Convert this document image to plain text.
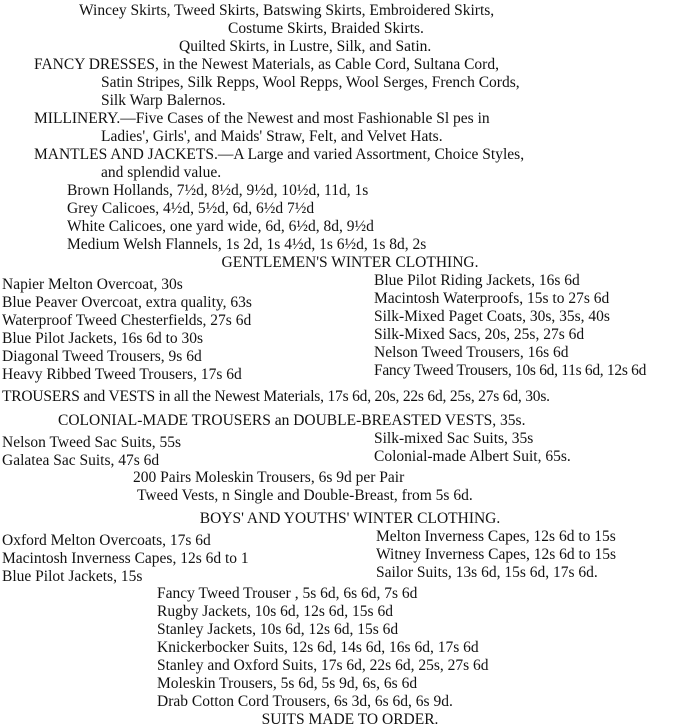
Wincey Skirts, Tweed Skirts, Batswing Skirts, Embroidered Skirts,
Costume Skirts, Braided Skirts.
Quilted Skirts, in Lustre, Silk, and Satin.
FANCY DRESSES, in the Newest Materials, as Cable Cord, Sultana Cord,
Satin Stripes, Silk Repps, Wool Repps, Wool Serges, French Cords,
Silk Warp Balernos.
MILLINERY.—Five Cases of the Newest and most Fashionable Sl pes in
Ladies', Girls', and Maids' Straw, Felt, and Velvet Hats.
MANTLES AND JACKETS.—A Large and varied Assortment, Choice Styles,
and splendid value.
Brown Hollands, 7½d, 8½d, 9½d, 10½d, 11d, 1s
Grey Calicoes, 4½d, 5½d, 6d, 6½d 7½d
White Calicoes, one yard wide, 6d, 6½d, 8d, 9½d
Medium Welsh Flannels, 1s 2d, 1s 4½d, 1s 6½d, 1s 8d, 2s
GENTLEMEN'S WINTER CLOTHING.
Napier Melton Overcoat, 30s
Blue Peaver Overcoat, extra quality, 63s
Waterproof Tweed Chesterfields, 27s 6d
Blue Pilot Jackets, 16s 6d to 30s
Diagonal Tweed Trousers, 9s 6d
Heavy Ribbed Tweed Trousers, 17s 6d
Blue Pilot Riding Jackets, 16s 6d
Macintosh Waterproofs, 15s to 27s 6d
Silk-Mixed Paget Coats, 30s, 35s, 40s
Silk-Mixed Sacs, 20s, 25s, 27s 6d
Nelson Tweed Trousers, 16s 6d
Fancy Tweed Trousers, 10s 6d, 11s 6d, 12s 6d
TROUSERS and VESTS in all the Newest Materials, 17s 6d, 20s, 22s 6d, 25s, 27s 6d, 30s.
COLONIAL-MADE TROUSERS an DOUBLE-BREASTED VESTS, 35s.
Nelson Tweed Sac Suits, 55s
Galatea Sac Suits, 47s 6d
Silk-mixed Sac Suits, 35s
Colonial-made Albert Suit, 65s.
200 Pairs Moleskin Trousers, 6s 9d per Pair
Tweed Vests, n Single and Double-Breast, from 5s 6d.
BOYS' AND YOUTHS' WINTER CLOTHING.
Oxford Melton Overcoats, 17s 6d
Macintosh Inverness Capes, 12s 6d to 1
Blue Pilot Jackets, 15s
Melton Inverness Capes, 12s 6d to 15s
Witney Inverness Capes, 12s 6d to 15s
Sailor Suits, 13s 6d, 15s 6d, 17s 6d.
Fancy Tweed Trouser , 5s 6d, 6s 6d, 7s 6d
Rugby Jackets, 10s 6d, 12s 6d, 15s 6d
Stanley Jackets, 10s 6d, 12s 6d, 15s 6d
Knickerbocker Suits, 12s 6d, 14s 6d, 16s 6d, 17s 6d
Stanley and Oxford Suits, 17s 6d, 22s 6d, 25s, 27s 6d
Moleskin Trousers, 5s 6d, 5s 9d, 6s, 6s 6d
Drab Cotton Cord Trousers, 6s 3d, 6s 6d, 6s 9d.
SUITS MADE TO ORDER.
